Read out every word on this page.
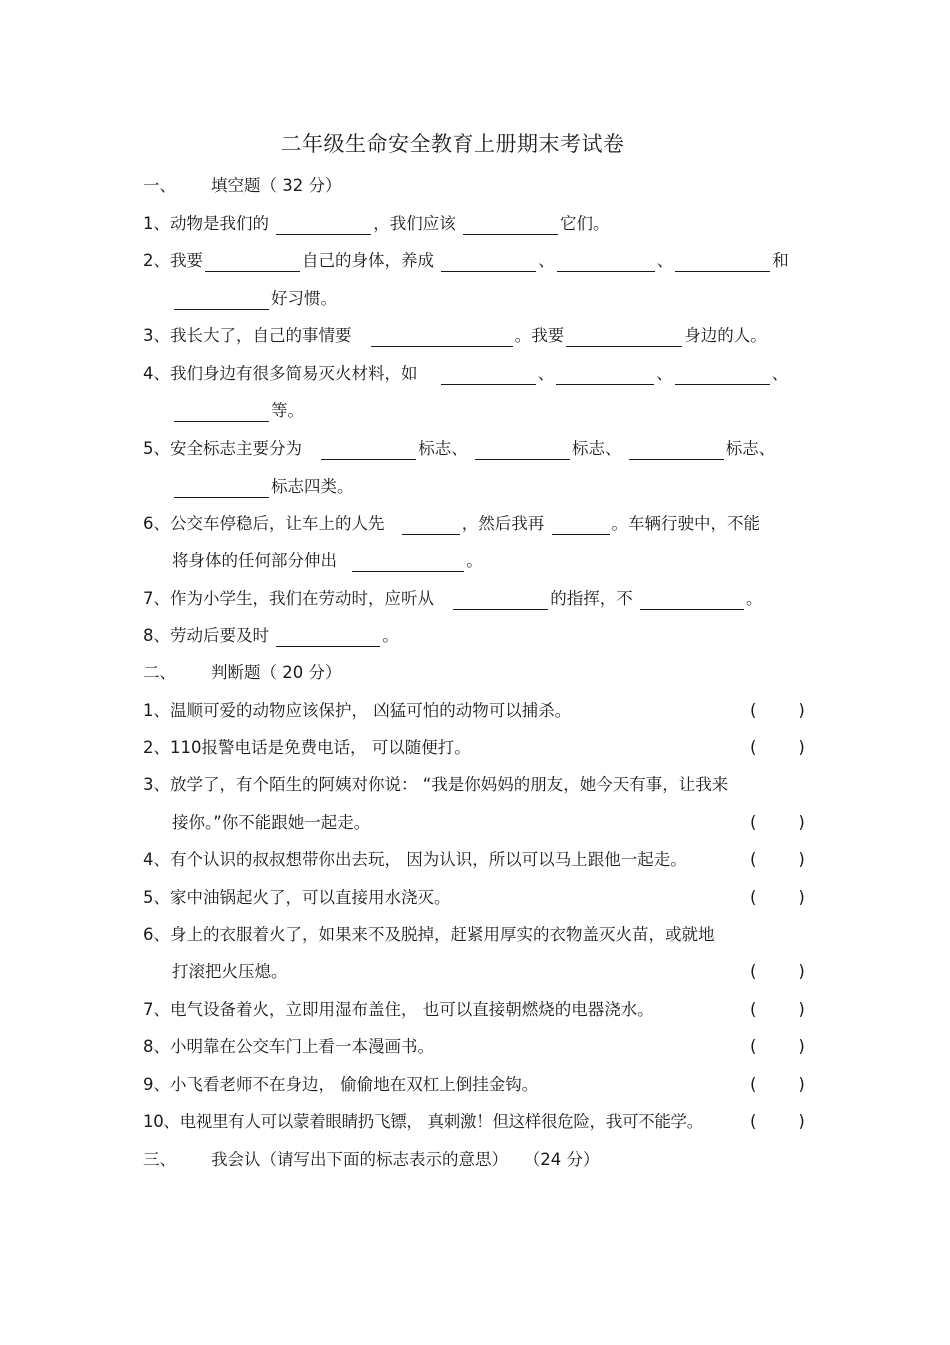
二年级生命安全教育上册期末考试卷
一、 填空题（ 32 分）
1、动物是我们的	，我们应该	它们。
2、我要	自己的身体，养成	、	、	和
好习惯。
3、我长大了，自己的事情要	。我要	身边的人。
4、我们身边有很多简易灭火材料，如	、	、	、
等。
5、安全标志主要分为	标志、	标志、	标志、
标志四类。
6、公交车停稳后，让车上的人先	，然后我再	。车辆行驶中，不能
将身体的任何部分伸出	。
7、作为小学生，我们在劳动时，应听从	的指挥，不	。
8、劳动后要及时	。
二、 判断题（ 20 分）
1、温顺可爱的动物应该保护， 凶猛可怕的动物可以捕杀。	(        )
2、110报警电话是免费电话， 可以随便打。	(        )
3、放学了，有个陌生的阿姨对你说： “我是你妈妈的朋友，她今天有事，让我来
接你。”你不能跟她一起走。	(        )
4、有个认识的叔叔想带你出去玩， 因为认识，所以可以马上跟他一起走。	(        )
5、家中油锅起火了，可以直接用水浇灭。	(        )
6、身上的衣服着火了，如果来不及脱掉，赶紧用厚实的衣物盖灭火苗，或就地
打滚把火压熄。	(        )
7、电气设备着火，立即用湿布盖住， 也可以直接朝燃烧的电器浇水。	(        )
8、小明靠在公交车门上看一本漫画书。	(        )
9、小飞看老师不在身边， 偷偷地在双杠上倒挂金钩。	(        )
10、电视里有人可以蒙着眼睛扔飞镖， 真刺激！但这样很危险，我可不能学。	(        )
三、 我会认（请写出下面的标志表示的意思）   （24 分）
